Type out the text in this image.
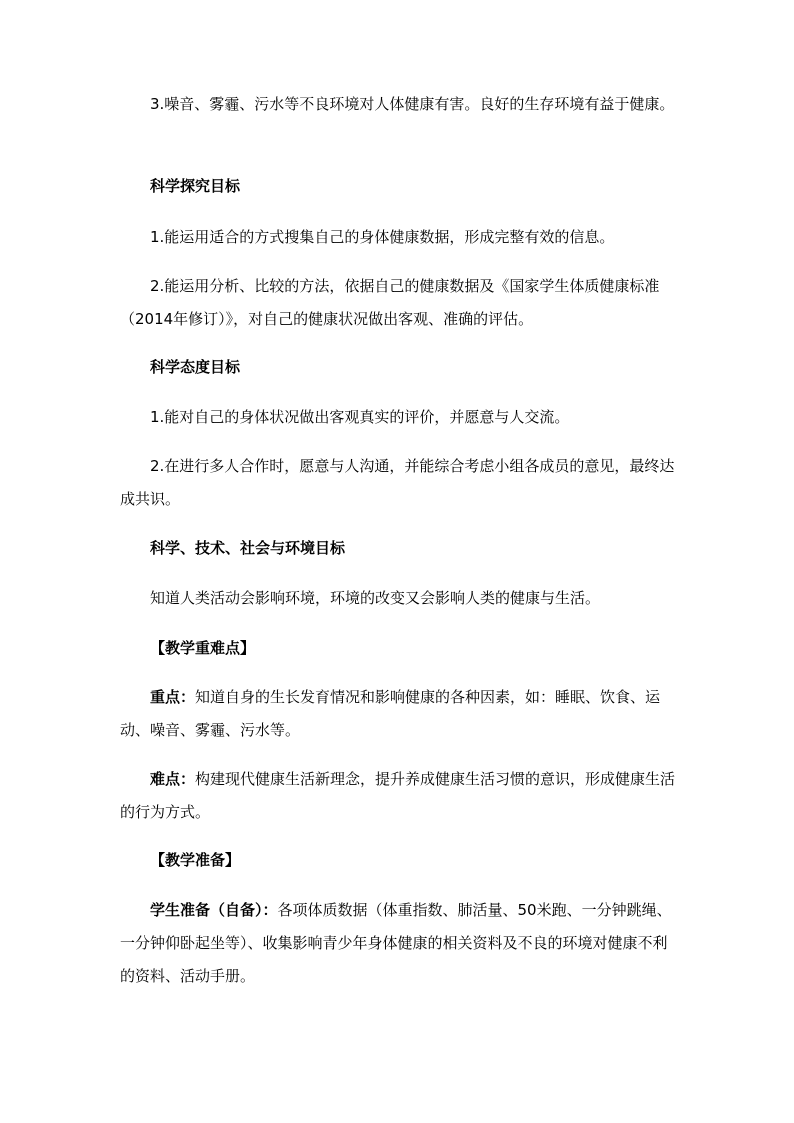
3.噪音、雾霾、污水等不良环境对人体健康有害。良好的生存环境有益于健康。

科学探究目标

1.能运用适合的方式搜集自己的身体健康数据，形成完整有效的信息。

2.能运用分析、比较的方法，依据自己的健康数据及《国家学生体质健康标准（2014年修订）》，对自己的健康状况做出客观、准确的评估。

科学态度目标

1.能对自己的身体状况做出客观真实的评价，并愿意与人交流。

2.在进行多人合作时，愿意与人沟通，并能综合考虑小组各成员的意见，最终达成共识。

科学、技术、社会与环境目标

知道人类活动会影响环境，环境的改变又会影响人类的健康与生活。

【教学重难点】

重点：知道自身的生长发育情况和影响健康的各种因素，如：睡眠、饮食、运动、噪音、雾霾、污水等。

难点：构建现代健康生活新理念，提升养成健康生活习惯的意识，形成健康生活的行为方式。

【教学准备】

学生准备（自备）：各项体质数据（体重指数、肺活量、50米跑、一分钟跳绳、一分钟仰卧起坐等）、收集影响青少年身体健康的相关资料及不良的环境对健康不利的资料、活动手册。
